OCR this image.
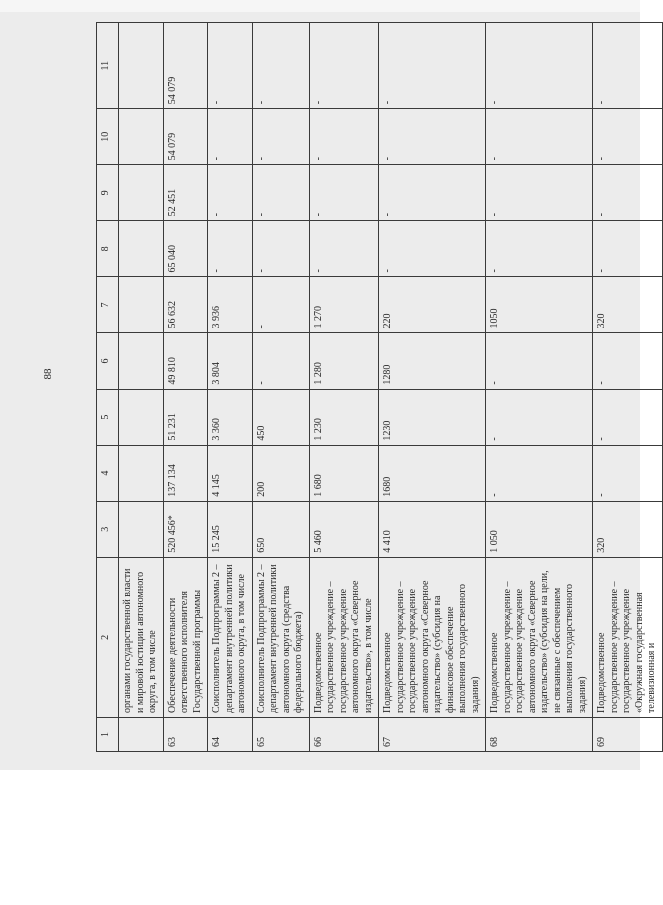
88
1	2	3	4	5	6	7	8	9	10	11
	органами государственной власти и мировой юстиции автономного округа, в том числе									
63	Обеспечение деятельности ответственного исполнителя Государственной программы	520 456*	137 134	51 231	49 810	56 632	65 040	52 451	54 079	54 079
64	Соисполнитель Подпрограммы 2 – департамент внутренней политики автономного округа, в том числе	15 245	4 145	3 360	3 804	3 936	-	-	-	-
65	Соисполнитель Подпрограммы 2 – департамент внутренней политики автономного округа (средства федерального бюджета)	650	200	450	-	-	-	-	-	-
66	Подведомственное государственное учреждение – государственное учреждение автономного округа «Северное издательство», в том числе	5 460	1 680	1 230	1 280	1 270	-	-	-	-
67	Подведомственное государственное учреждение – государственное учреждение автономного округа «Северное издательство» (субсидия на финансовое обеспечение выполнения государственного задания)	4 410	1680	1230	1280	220	-	-	-	-
68	Подведомственное государственное учреждение – государственное учреждение автономного округа «Северное издательство» (субсидия на цели, не связанные с обеспечением выполнения государственного задания)	1 050	-	-	-	1050	-	-	-	-
69	Подведомственное государственное учреждение – государственное учреждение «Окружная государственная телевизионная и	320	-	-	-	320	-	-	-	-
